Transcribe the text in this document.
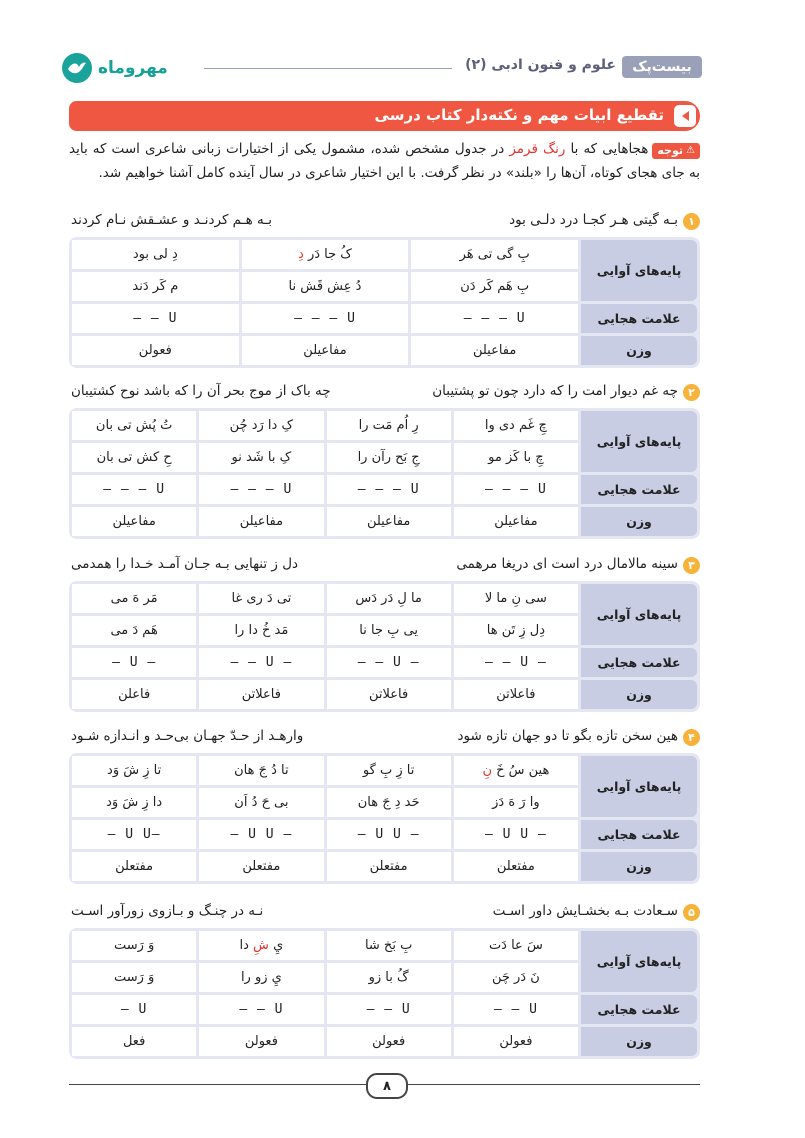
مهروماه	علوم و فنون ادبی (۲)	بیست‌پک
تقطیع ابیات مهم و نکته‌دار کتاب درسی
⚠
توجه
هجاهایی که با رنگ قرمز در جدول مشخص شده، مشمول یکی از اختیارات زبانی شاعری است که باید به جای هجای کوتاه، آن‌ها را «بلند» در نظر گرفت. با این اختیار شاعری در سال آینده کامل آشنا خواهیم شد.
۱
بـه گیتی هـر کجـا درد دلـی بود
بـه هـم کردنـد و عشـقش نـام کردند
پایه‌های آوایی
علامت هجایی
وزن
بِ گی تی هَر
کُ جا دَر دِ
دِ لی بود
بِ هَم کَر دَن
دُ عِش قَش نا
م کَر دَند
U – – –
U – – –
U – –
مفاعیلن
مفاعیلن
فعولن
۲
چه غم دیوار امت را که دارد چون تو پشتیبان
چه باک از موج بحر آن را که باشد نوح کشتیبان
پایه‌های آوایی
علامت هجایی
وزن
چِ غَم دی وا
رِ اُم مَت را
کِ دا رَد چُن
تُ پُش تی بان
چِ با کَز مو
جِ بَح رآن را
کِ با شَد نو
حِ کش تی بان
U – – –
U – – –
U – – –
U – – –
مفاعیلن
مفاعیلن
مفاعیلن
مفاعیلن
۳
سینه مالامال درد است ای دریغا مرهمی
دل ز تنهایی بـه جـان آمـد خـدا را همدمی
پایه‌های آوایی
علامت هجایی
وزن
سی نِ ما لا
ما لِ دَر دَس
تی دَ ری غا
مَر هَ می
دِل زِ تَن ها
یی بِ جا نا
مَد خُ دا را
هَم دَ می
– U – –
– U – –
– U – –
– U –
فاعلاتن
فاعلاتن
فاعلاتن
فاعلن
۴
هین سخن تازه بگو تا دو جهان تازه شود
وارهـد از حـدّ جهـان بی‌حـد و انـدازه شـود
پایه‌های آوایی
علامت هجایی
وزن
هین سُ خَ

نِ
تا زِ بِ گو
تا دُ جَ هان
تا زِ شَ وَد
وا رَ هَ دَز
حَد دِ جَ هان
بی حَ دُ اَن
دا زِ شَ وَد
– U U –
– U U –
– U U –
–U U –
مفتعلن
مفتعلن
مفتعلن
مفتعلن
۵
سـعادت بـه بخشـایش داور اسـت
نـه در چنـگ و بـازوی زورآور اسـت
پایه‌های آوایی
علامت هجایی
وزن
سَ عا دَت
بِ بَخ شا
يِ

شِ

دا
وَ رَست
نَ دَر چَن
گُ با زو
يِ زو را
وَ رَست
U – –
U – –
U – –
U –
فعولن
فعولن
فعولن
فعل
۸
